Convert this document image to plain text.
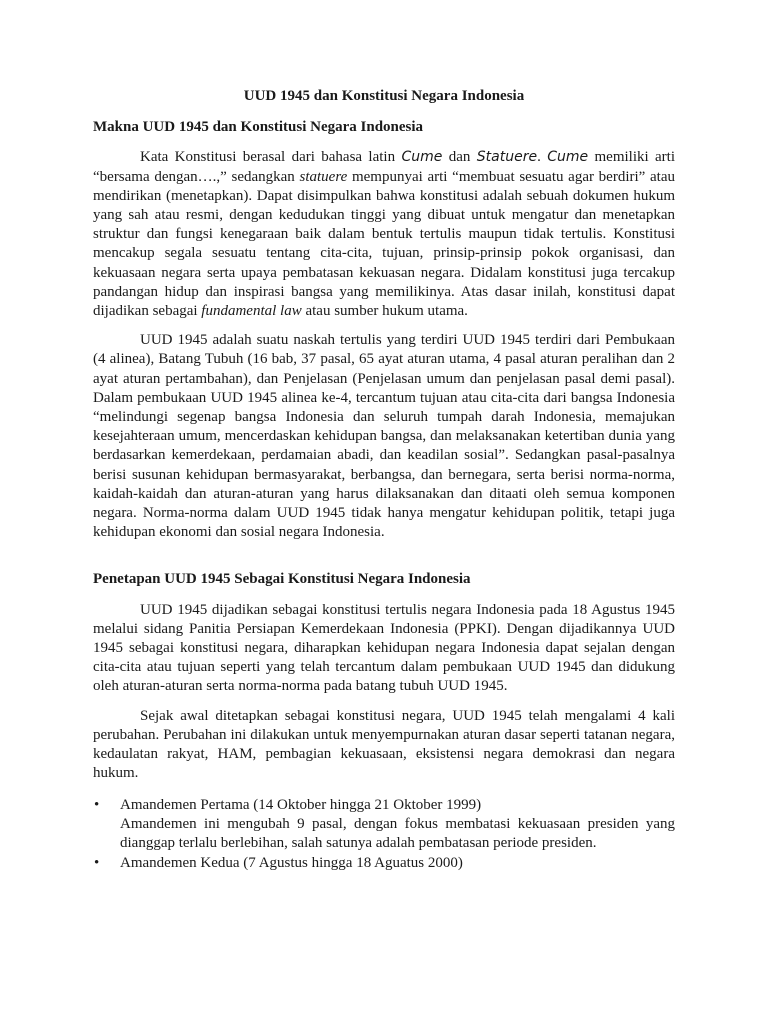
UUD 1945 dan Konstitusi Negara Indonesia
Makna UUD 1945 dan Konstitusi Negara Indonesia

Kata Konstitusi berasal dari bahasa latin Cume dan Statuere. Cume memiliki arti “bersama dengan….,” sedangkan statuere mempunyai arti “membuat sesuatu agar berdiri” atau mendirikan (menetapkan). Dapat disimpulkan bahwa konstitusi adalah sebuah dokumen hukum yang sah atau resmi, dengan kedudukan tinggi yang dibuat untuk mengatur dan menetapkan struktur dan fungsi kenegaraan baik dalam bentuk tertulis maupun tidak tertulis. Konstitusi mencakup segala sesuatu tentang cita-cita, tujuan, prinsip-prinsip pokok organisasi, dan kekuasaan negara serta upaya pembatasan kekuasan negara. Didalam konstitusi juga tercakup pandangan hidup dan inspirasi bangsa yang memilikinya. Atas dasar inilah, konstitusi dapat dijadikan sebagai fundamental law atau sumber hukum utama.

UUD 1945 adalah suatu naskah tertulis yang terdiri UUD 1945 terdiri dari Pembukaan (4 alinea), Batang Tubuh (16 bab, 37 pasal, 65 ayat aturan utama, 4 pasal aturan peralihan dan 2 ayat aturan pertambahan), dan Penjelasan (Penjelasan umum dan penjelasan pasal demi pasal). Dalam pembukaan UUD 1945 alinea ke-4, tercantum tujuan atau cita-cita dari bangsa Indonesia “melindungi segenap bangsa Indonesia dan seluruh tumpah darah Indonesia, memajukan kesejahteraan umum, mencerdaskan kehidupan bangsa, dan melaksanakan ketertiban dunia yang berdasarkan kemerdekaan, perdamaian abadi, dan keadilan sosial”. Sedangkan pasal-pasalnya berisi susunan kehidupan bermasyarakat, berbangsa, dan bernegara, serta berisi norma-norma, kaidah-kaidah dan aturan-aturan yang harus dilaksanakan dan ditaati oleh semua komponen negara. Norma-norma dalam UUD 1945 tidak hanya mengatur kehidupan politik, tetapi juga kehidupan ekonomi dan sosial negara Indonesia.

Penetapan UUD 1945 Sebagai Konstitusi Negara Indonesia

UUD 1945 dijadikan sebagai konstitusi tertulis negara Indonesia pada 18 Agustus 1945 melalui sidang Panitia Persiapan Kemerdekaan Indonesia (PPKI). Dengan dijadikannya UUD 1945 sebagai konstitusi negara, diharapkan kehidupan negara Indonesia dapat sejalan dengan cita-cita atau tujuan seperti yang telah tercantum dalam pembukaan UUD 1945 dan didukung oleh aturan-aturan serta norma-norma pada batang tubuh UUD 1945.

Sejak awal ditetapkan sebagai konstitusi negara, UUD 1945 telah mengalami 4 kali perubahan. Perubahan ini dilakukan untuk menyempurnakan aturan dasar seperti tatanan negara, kedaulatan rakyat, HAM, pembagian kekuasaan, eksistensi negara demokrasi dan negara hukum.

• Amandemen Pertama (14 Oktober hingga 21 Oktober 1999)
Amandemen ini mengubah 9 pasal, dengan fokus membatasi kekuasaan presiden yang dianggap terlalu berlebihan, salah satunya adalah pembatasan periode presiden.
• Amandemen Kedua (7 Agustus hingga 18 Aguatus 2000)
